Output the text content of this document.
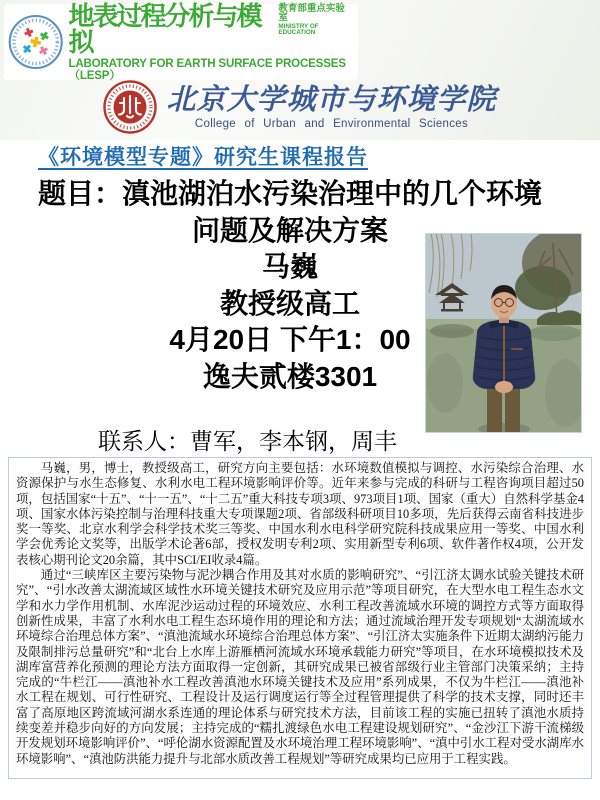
地表过程分析与模拟
教育部重点实验室
MINISTRY OF EDUCATION
LABORATORY FOR EARTH SURFACE PROCESSES（LESP）
北京大学城市与环境学院
College of Urban and Environmental Sciences
《环境模型专题》研究生课程报告
题目：滇池湖泊水污染治理中的几个环境
问题及解决方案
马巍
教授级高工
4月20日 下午1：00
逸夫贰楼3301
联系人：曹军，李本钢，周丰

马巍，男，博士，教授级高工，研究方向主要包括：水环境数值模拟与调控、水污染综合治理、水资源保护与水生态修复、水利水电工程环境影响评价等。近年来参与完成的科研与工程咨询项目超过50项，包括国家“十五”、“十一五”、“十二五”重大科技专项3项、973项目1项、国家（重大）自然科学基金4项、国家水体污染控制与治理科技重大专项课题2项、省部级科研项目10多项，先后获得云南省科技进步奖一等奖、北京水利学会科学技术奖三等奖、中国水利水电科学研究院科技成果应用一等奖、中国水利学会优秀论文奖等，出版学术论著6部，授权发明专利2项、实用新型专利6项、软件著作权4项，公开发表核心期刊论文20余篇，其中SCI/EI收录4篇。

通过“三峡库区主要污染物与泥沙耦合作用及其对水质的影响研究”、“引江济太调水试验关键技术研究”、“引水改善太湖流域区域性水环境关键技术研究及应用示范”等项目研究，在大型水电工程生态水文学和水力学作用机制、水库泥沙运动过程的环境效应、水利工程改善流域水环境的调控方式等方面取得创新性成果，丰富了水利水电工程生态环境作用的理论和方法；通过流域治理开发专项规划“太湖流域水环境综合治理总体方案”、“滇池流域水环境综合治理总体方案”、“引江济太实施条件下近期太湖纳污能力及限制排污总量研究”和“北台上水库上游雁栖河流域水环境承载能力研究”等项目，在水环境模拟技术及湖库富营养化预测的理论方法方面取得一定创新，其研究成果已被省部级行业主管部门决策采纳；主持完成的“牛栏江——滇池补水工程改善滇池水环境关键技术及应用”系列成果，不仅为牛栏江——滇池补水工程在规划、可行性研究、工程设计及运行调度运行等全过程管理提供了科学的技术支撑，同时还丰富了高原地区跨流域河湖水系连通的理论体系与研究技术方法，目前该工程的实施已扭转了滇池水质持续变差并稳步向好的方向发展；主持完成的“糯扎渡绿色水电工程建设规划研究”、“金沙江下游干流梯级开发规划环境影响评价”、“呼伦湖水资源配置及水环境治理工程环境影响”、“滇中引水工程对受水湖库水环境影响”、“滇池防洪能力提升与北部水质改善工程规划”等研究成果均已应用于工程实践。
